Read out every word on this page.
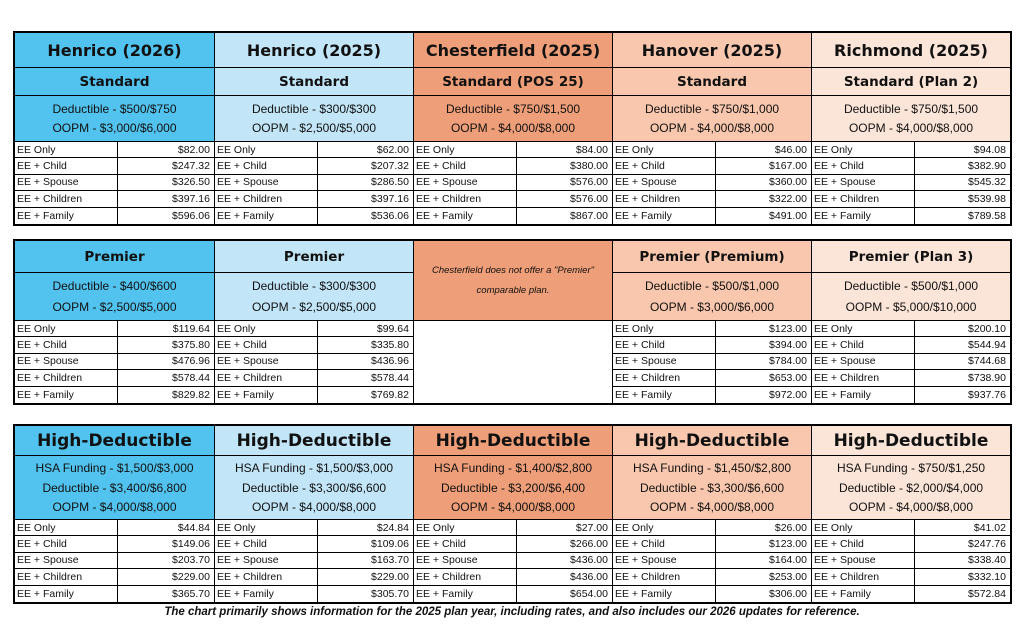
Henrico (2026)
Standard
Deductible - $500/$750
OOPM - $3,000/$6,000
EE Only	$82.00
EE + Child	$247.32
EE + Spouse	$326.50
EE + Children	$397.16
EE + Family	$596.06
Henrico (2025)
Standard
Deductible - $300/$300
OOPM - $2,500/$5,000
EE Only	$62.00
EE + Child	$207.32
EE + Spouse	$286.50
EE + Children	$397.16
EE + Family	$536.06
Chesterfield (2025)
Standard (POS 25)
Deductible - $750/$1,500
OOPM - $4,000/$8,000
EE Only	$84.00
EE + Child	$380.00
EE + Spouse	$576.00
EE + Children	$576.00
EE + Family	$867.00
Hanover (2025)
Standard
Deductible - $750/$1,000
OOPM - $4,000/$8,000
EE Only	$46.00
EE + Child	$167.00
EE + Spouse	$360.00
EE + Children	$322.00
EE + Family	$491.00
Richmond (2025)
Standard (Plan 2)
Deductible - $750/$1,500
OOPM - $4,000/$8,000
EE Only	$94.08
EE + Child	$382.90
EE + Spouse	$545.32
EE + Children	$539.98
EE + Family	$789.58
Premier
Deductible - $400/$600
OOPM - $2,500/$5,000
EE Only	$119.64
EE + Child	$375.80
EE + Spouse	$476.96
EE + Children	$578.44
EE + Family	$829.82
Premier
Deductible - $300/$300
OOPM - $2,500/$5,000
EE Only	$99.64
EE + Child	$335.80
EE + Spouse	$436.96
EE + Children	$578.44
EE + Family	$769.82
Chesterfield does not offer a "Premier" comparable plan.
Premier (Premium)
Deductible - $500/$1,000
OOPM - $3,000/$6,000
EE Only	$123.00
EE + Child	$394.00
EE + Spouse	$784.00
EE + Children	$653.00
EE + Family	$972.00
Premier (Plan 3)
Deductible - $500/$1,000
OOPM - $5,000/$10,000
EE Only	$200.10
EE + Child	$544.94
EE + Spouse	$744.68
EE + Children	$738.90
EE + Family	$937.76
High-Deductible
HSA Funding - $1,500/$3,000
Deductible - $3,400/$6,800
OOPM - $4,000/$8,000
EE Only	$44.84
EE + Child	$149.06
EE + Spouse	$203.70
EE + Children	$229.00
EE + Family	$365.70
High-Deductible
HSA Funding - $1,500/$3,000
Deductible - $3,300/$6,600
OOPM - $4,000/$8,000
EE Only	$24.84
EE + Child	$109.06
EE + Spouse	$163.70
EE + Children	$229.00
EE + Family	$305.70
High-Deductible
HSA Funding - $1,400/$2,800
Deductible - $3,200/$6,400
OOPM - $4,000/$8,000
EE Only	$27.00
EE + Child	$266.00
EE + Spouse	$436.00
EE + Children	$436.00
EE + Family	$654.00
High-Deductible
HSA Funding - $1,450/$2,800
Deductible - $3,300/$6,600
OOPM - $4,000/$8,000
EE Only	$26.00
EE + Child	$123.00
EE + Spouse	$164.00
EE + Children	$253.00
EE + Family	$306.00
High-Deductible
HSA Funding - $750/$1,250
Deductible - $2,000/$4,000
OOPM - $4,000/$8,000
EE Only	$41.02
EE + Child	$247.76
EE + Spouse	$338.40
EE + Children	$332.10
EE + Family	$572.84
The chart primarily shows information for the 2025 plan year, including rates, and also includes our 2026 updates for reference.
